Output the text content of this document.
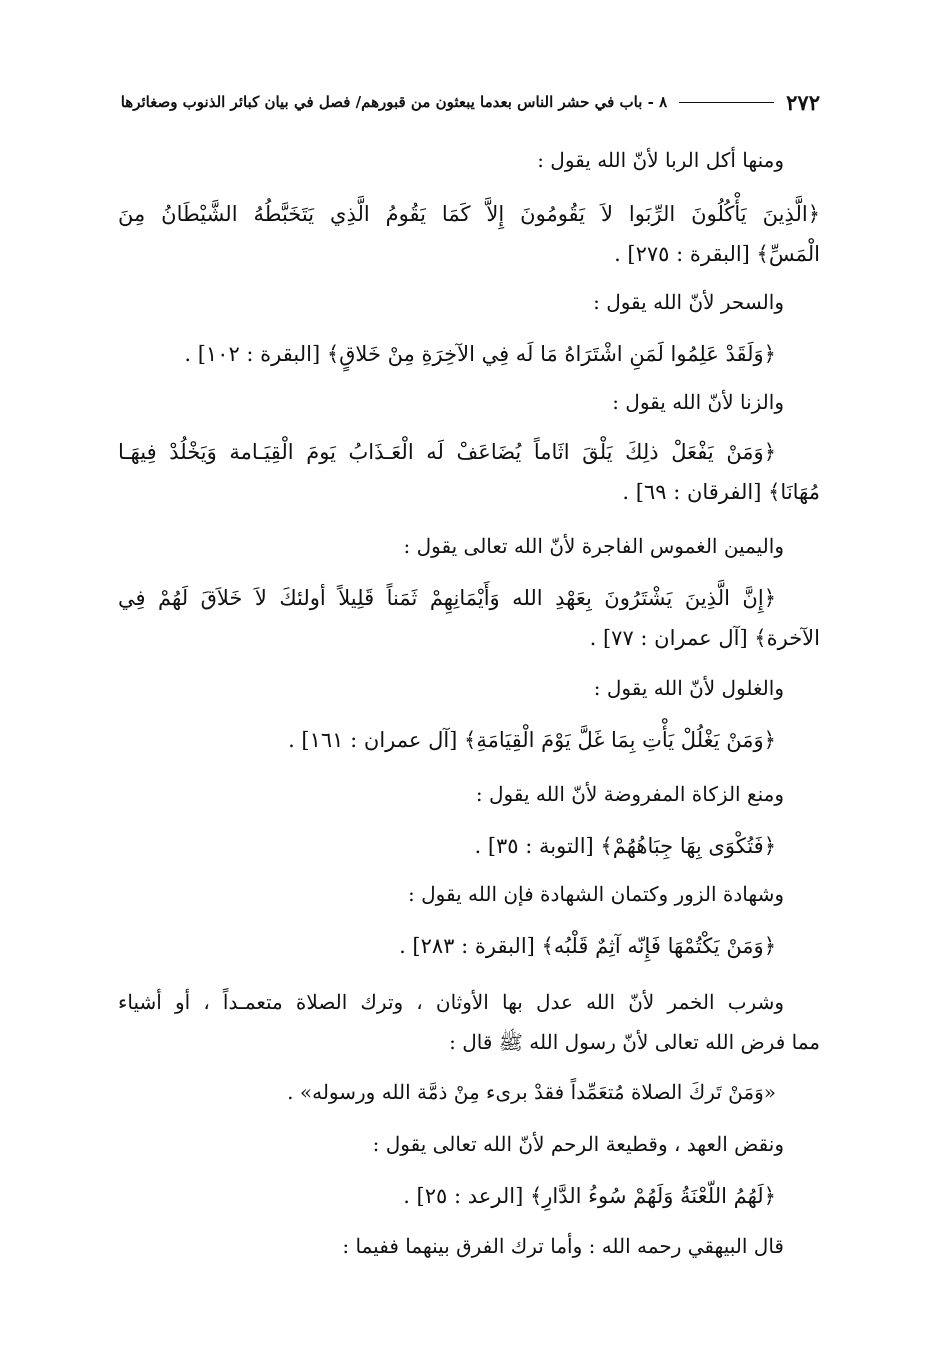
٢٧٢
٨ - باب في حشر الناس بعدما يبعثون من قبورهم/ فصل في بيان كبائر الذنوب وصغائرها
ومنها أكل الربا لأنّ الله يقول :
﴿الَّذِينَ يَأْكُلُونَ الرِّبَوا لاَ يَقُومُونَ إِلاَّ كَمَا يَقُومُ الَّذِي يَتَخَبَّطُهُ الشَّيْطَانُ مِنَ
الْمَسِّ﴾ [البقرة : ٢٧٥] .
والسحر لأنّ الله يقول :
﴿وَلَقَدْ عَلِمُوا لَمَنِ اشْتَرَاهُ مَا لَه فِي الآخِرَةِ مِنْ خَلاقٍ﴾ [البقرة : ١٠٢] .
والزنا لأنّ الله يقول :
﴿وَمَنْ يَفْعَلْ ذلِكَ يَلْقَ اثَاماً يُضَاعَفْ لَه الْعَـذَابُ يَومَ الْقِيَـامة وَيَخْلُدْ فِيهَـا
مُهَانَا﴾ [الفرقان : ٦٩] .
واليمين الغموس الفاجرة لأنّ الله تعالى يقول :
﴿إِنَّ الَّذِينَ يَشْتَرُونَ بِعَهْدِ الله وَأَيْمَانِهِمْ ثَمَناً قَلِيلاً أولئكَ لاَ خَلاَقَ لَهُمْ فِي
الآخرة﴾ [آل عمران : ٧٧] .
والغلول لأنّ الله يقول :
﴿وَمَنْ يَغْلُلْ يَأْتِ بِمَا غَلَّ يَوْمَ الْقِيَامَةِ﴾ [آل عمران : ١٦١] .
ومنع الزكاة المفروضة لأنّ الله يقول :
﴿فَتُكْوَى بِهَا جِبَاهُهُمْ﴾ [التوبة : ٣٥] .
وشهادة الزور وكتمان الشهادة فإن الله يقول :
﴿وَمَنْ يَكْتُمْهَا فَإِنّه آثِمٌ قَلْبُه﴾ [البقرة : ٢٨٣] .
وشرب الخمر لأنّ الله عدل بها الأوثان ، وترك الصلاة متعمـداً ، أو أشياء
مما فرض الله تعالى لأنّ رسول الله ﷺ قال :
«وَمَنْ تَركَ الصلاة مُتعَمِّداً فقدْ برىء مِنْ ذمَّة الله ورسوله» .
ونقض العهد ، وقطيعة الرحم لأنّ الله تعالى يقول :
﴿لَهُمُ اللّعْنَةُ وَلَهُمْ سُوءُ الدَّارِ﴾ [الرعد : ٢٥] .
قال البيهقي رحمه الله : وأما ترك الفرق بينهما ففيما :
